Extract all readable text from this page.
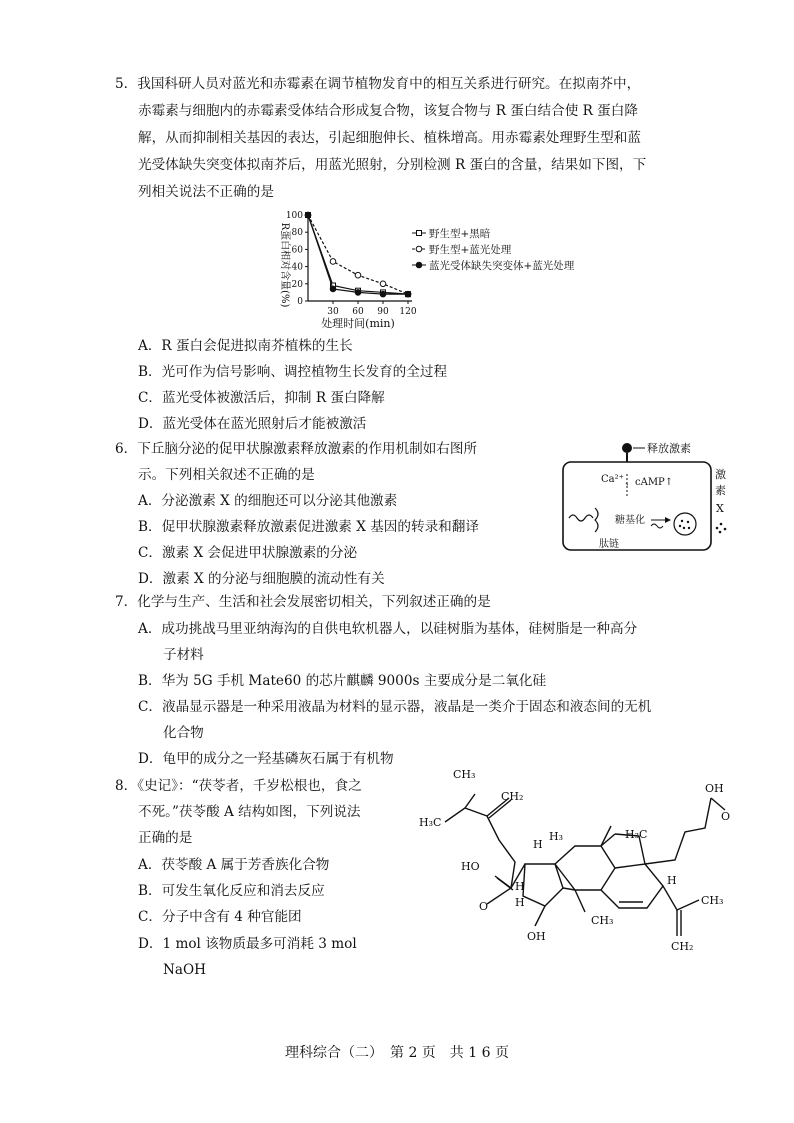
5．我国科研人员对蓝光和赤霉素在调节植物发育中的相互关系进行研究。在拟南芥中，
赤霉素与细胞内的赤霉素受体结合形成复合物，该复合物与 R 蛋白结合使 R 蛋白降
解，从而抑制相关基因的表达，引起细胞伸长、植株增高。用赤霉素处理野生型和蓝
光受体缺失突变体拟南芥后，用蓝光照射，分别检测 R 蛋白的含量，结果如下图，下
列相关说法不正确的是
0
20
40
60
80
100
30 60 90 120
野生型+黑暗
野生型+蓝光处理
蓝光受体缺失突变体+蓝光处理
R蛋白相对含量(%)
处理时间(min)
A．R 蛋白会促进拟南芥植株的生长
B．光可作为信号影响、调控植物生长发育的全过程
C．蓝光受体被激活后，抑制 R 蛋白降解
D．蓝光受体在蓝光照射后才能被激活
6．下丘脑分泌的促甲状腺激素释放激素的作用机制如右图所
示。下列相关叙述不正确的是
A．分泌激素 X 的细胞还可以分泌其他激素
B．促甲状腺激素释放激素促进激素 X 基因的转录和翻译
C．激素 X 会促进甲状腺激素的分泌
D．激素 X 的分泌与细胞膜的流动性有关
释放激素
Ca²⁺ 、cAMP↑
糖基化
肽链
激
素
X
7．化学与生产、生活和社会发展密切相关，下列叙述正确的是
A．成功挑战马里亚纳海沟的自供电软机器人，以硅树脂为基体，硅树脂是一种高分
子材料
B．华为 5G 手机 Mate60 的芯片麒麟 9000s 主要成分是二氧化硅
C．液晶显示器是一种采用液晶为材料的显示器，液晶是一类介于固态和液态间的无机
化合物
D．龟甲的成分之一羟基磷灰石属于有机物
8．《史记》：“茯苓者，千岁松根也，食之
不死。”茯苓酸 A 结构如图，下列说法
正确的是
A．茯苓酸 A 属于芳香族化合物
B．可发生氧化反应和消去反应
C．分子中含有 4 种官能团
D．1 mol 该物质最多可消耗 3 mol
NaOH
CH₃
CH₂
H₃C
OH
O
HO
O
H
H₃
H
H₃C
H
CH₃
OH
CH₃
CH₂
H
理科综合（二）　第 2 页　共 1 6 页
